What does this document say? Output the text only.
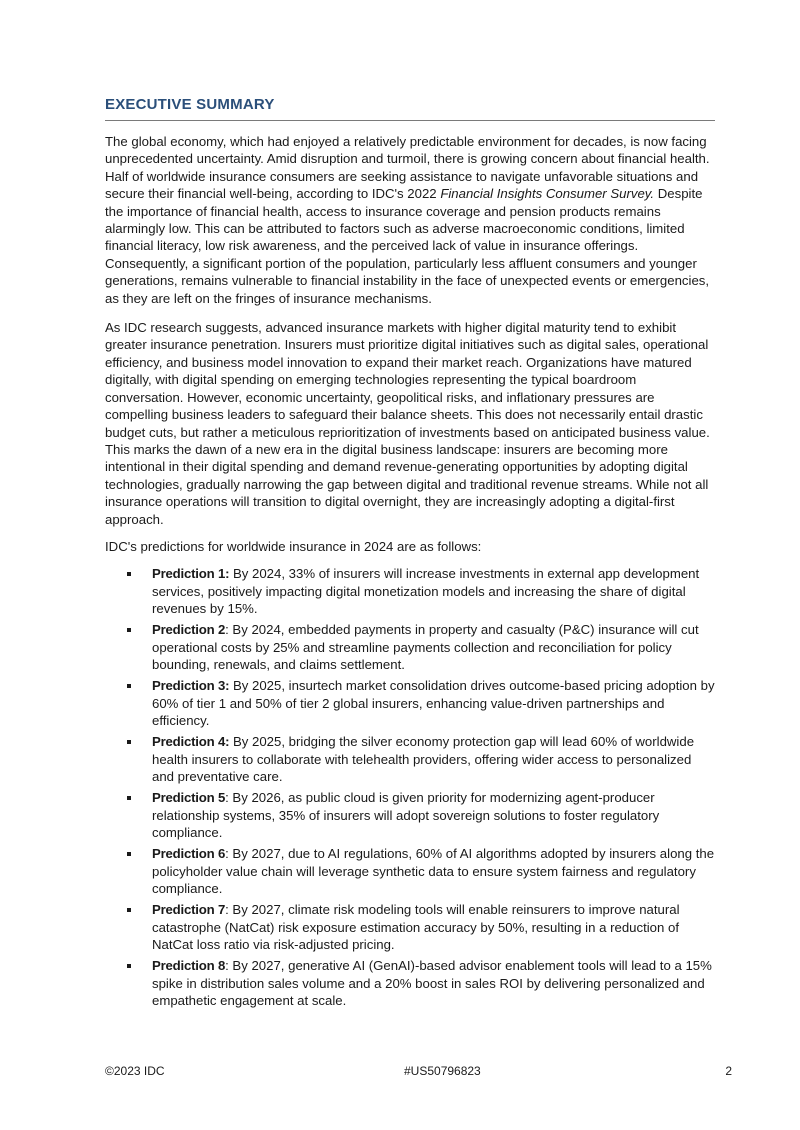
EXECUTIVE SUMMARY

The global economy, which had enjoyed a relatively predictable environment for decades, is now facing unprecedented uncertainty. Amid disruption and turmoil, there is growing concern about financial health. Half of worldwide insurance consumers are seeking assistance to navigate unfavorable situations and secure their financial well-being, according to IDC's 2022 Financial Insights Consumer Survey. Despite the importance of financial health, access to insurance coverage and pension products remains alarmingly low. This can be attributed to factors such as adverse macroeconomic conditions, limited financial literacy, low risk awareness, and the perceived lack of value in insurance offerings. Consequently, a significant portion of the population, particularly less affluent consumers and younger generations, remains vulnerable to financial instability in the face of unexpected events or emergencies, as they are left on the fringes of insurance mechanisms.

As IDC research suggests, advanced insurance markets with higher digital maturity tend to exhibit greater insurance penetration. Insurers must prioritize digital initiatives such as digital sales, operational efficiency, and business model innovation to expand their market reach. Organizations have matured digitally, with digital spending on emerging technologies representing the typical boardroom conversation. However, economic uncertainty, geopolitical risks, and inflationary pressures are compelling business leaders to safeguard their balance sheets. This does not necessarily entail drastic budget cuts, but rather a meticulous reprioritization of investments based on anticipated business value. This marks the dawn of a new era in the digital business landscape: insurers are becoming more intentional in their digital spending and demand revenue-generating opportunities by adopting digital technologies, gradually narrowing the gap between digital and traditional revenue streams. While not all insurance operations will transition to digital overnight, they are increasingly adopting a digital-first approach.

IDC's predictions for worldwide insurance in 2024 are as follows:

Prediction 1: By 2024, 33% of insurers will increase investments in external app development services, positively impacting digital monetization models and increasing the share of digital revenues by 15%.
Prediction 2: By 2024, embedded payments in property and casualty (P&C) insurance will cut operational costs by 25% and streamline payments collection and reconciliation for policy bounding, renewals, and claims settlement.
Prediction 3: By 2025, insurtech market consolidation drives outcome-based pricing adoption by 60% of tier 1 and 50% of tier 2 global insurers, enhancing value-driven partnerships and efficiency.
Prediction 4: By 2025, bridging the silver economy protection gap will lead 60% of worldwide health insurers to collaborate with telehealth providers, offering wider access to personalized and preventative care.
Prediction 5: By 2026, as public cloud is given priority for modernizing agent-producer relationship systems, 35% of insurers will adopt sovereign solutions to foster regulatory compliance.
Prediction 6: By 2027, due to AI regulations, 60% of AI algorithms adopted by insurers along the policyholder value chain will leverage synthetic data to ensure system fairness and regulatory compliance.
Prediction 7: By 2027, climate risk modeling tools will enable reinsurers to improve natural catastrophe (NatCat) risk exposure estimation accuracy by 50%, resulting in a reduction of NatCat loss ratio via risk-adjusted pricing.
Prediction 8: By 2027, generative AI (GenAI)-based advisor enablement tools will lead to a 15% spike in distribution sales volume and a 20% boost in sales ROI by delivering personalized and empathetic engagement at scale.
©2023 IDC	#US50796823	2
